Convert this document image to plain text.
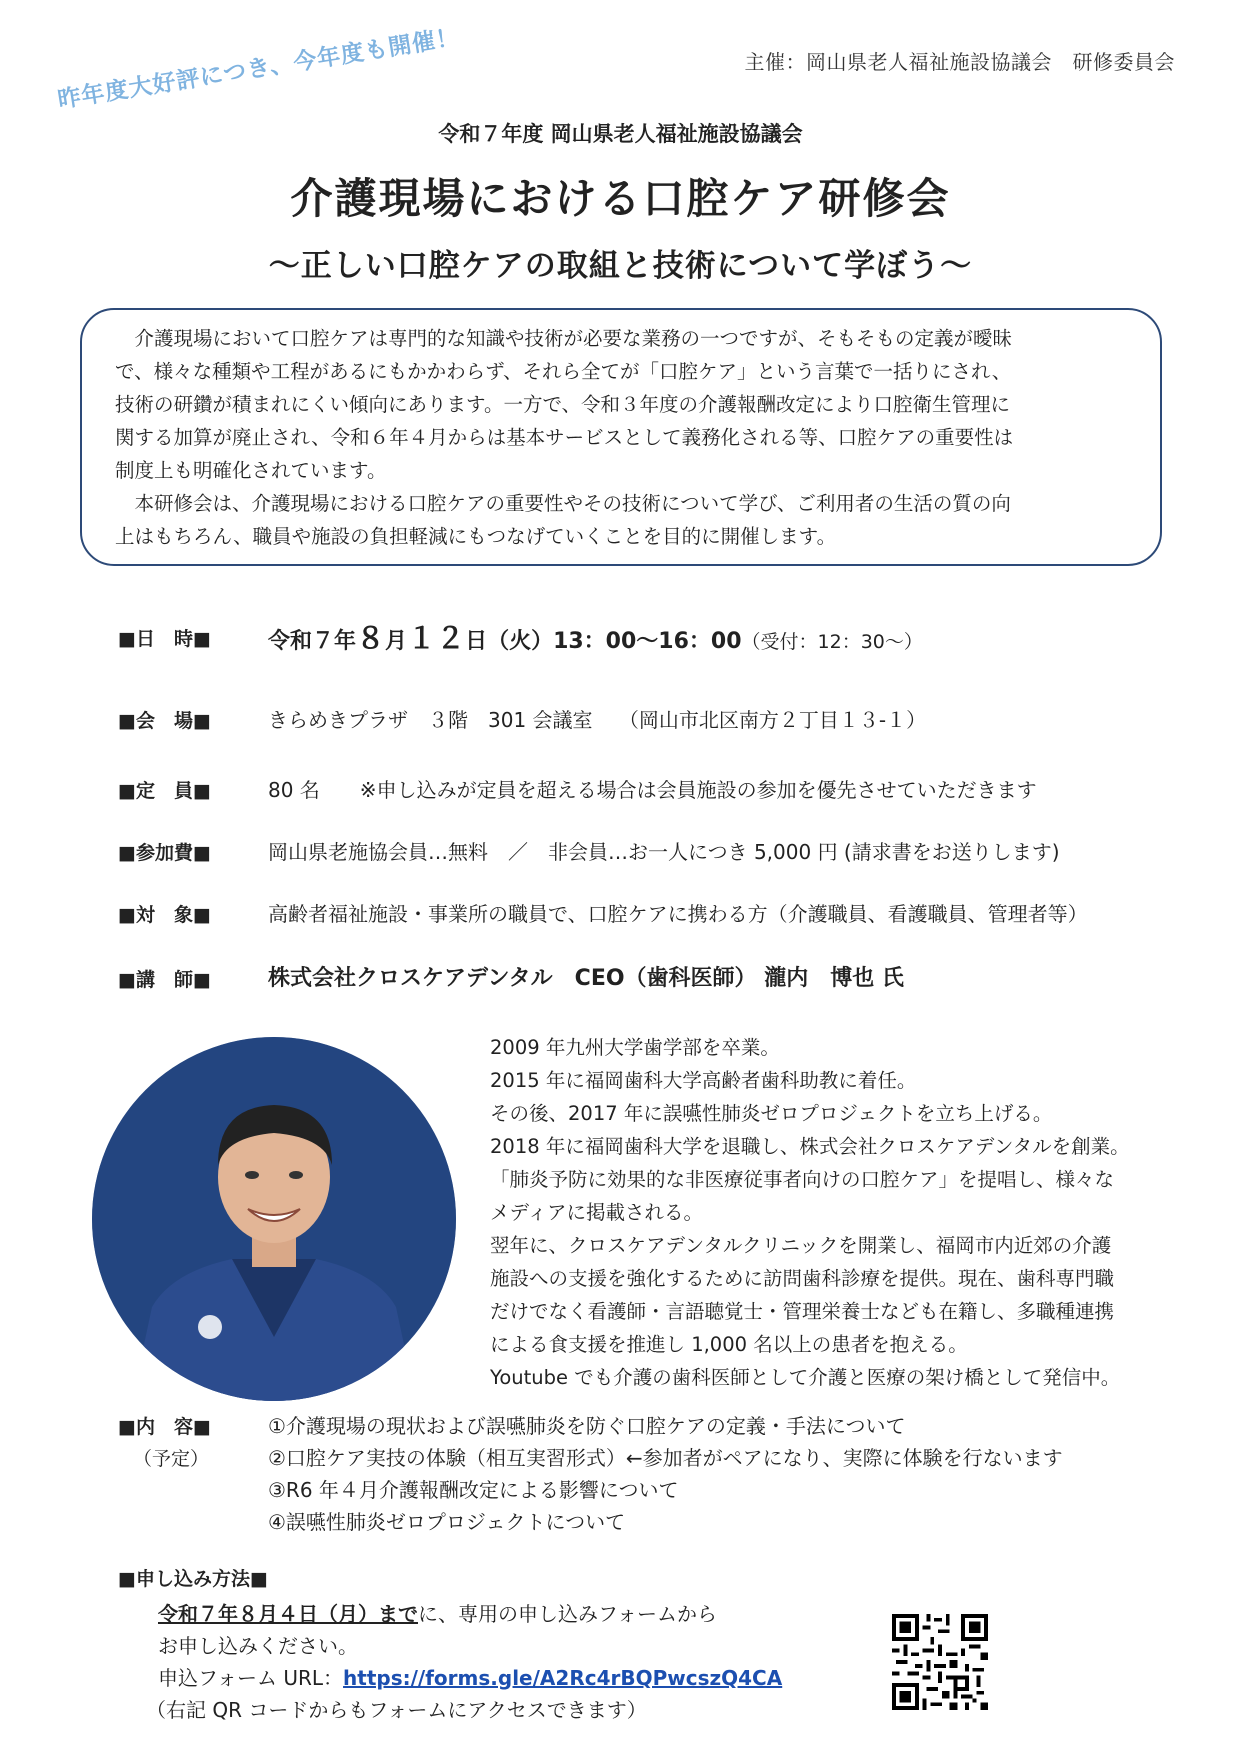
主催：岡山県老人福祉施設協議会　研修委員会
昨年度大好評につき、今年度も開催！
令和７年度 岡山県老人福祉施設協議会
介護現場における口腔ケア研修会
～正しい口腔ケアの取組と技術について学ぼう～
　介護現場において口腔ケアは専門的な知識や技術が必要な業務の一つですが、そもそもの定義が曖昧
で、様々な種類や工程があるにもかかわらず、それら全てが「口腔ケア」という言葉で一括りにされ、
技術の研鑽が積まれにくい傾向にあります。一方で、令和３年度の介護報酬改定により口腔衛生管理に
関する加算が廃止され、令和６年４月からは基本サービスとして義務化される等、口腔ケアの重要性は
制度上も明確化されています。
　本研修会は、介護現場における口腔ケアの重要性やその技術について学び、ご利用者の生活の質の向
上はもちろん、職員や施設の負担軽減にもつなげていくことを目的に開催します。
■日　時■	令和７年８月１２日（火）13：00～16：00（受付：12：30～）
■会　場■	きらめきプラザ　３階　301 会議室　 （岡山市北区南方２丁目１３-１）
■定　員■	80 名　　※申し込みが定員を超える場合は会員施設の参加を優先させていただきます
■参加費■	岡山県老施協会員…無料　／　非会員…お一人につき 5,000 円 (請求書をお送りします)
■対　象■	高齢者福祉施設・事業所の職員で、口腔ケアに携わる方（介護職員、看護職員、管理者等）
■講　師■	株式会社クロスケアデンタル　CEO（歯科医師） 瀧内　博也 氏
2009 年九州大学歯学部を卒業。
2015 年に福岡歯科大学高齢者歯科助教に着任。
その後、2017 年に誤嚥性肺炎ゼロプロジェクトを立ち上げる。
2018 年に福岡歯科大学を退職し、株式会社クロスケアデンタルを創業。
「肺炎予防に効果的な非医療従事者向けの口腔ケア」を提唱し、様々な
メディアに掲載される。
翌年に、クロスケアデンタルクリニックを開業し、福岡市内近郊の介護
施設への支援を強化するために訪問歯科診療を提供。現在、歯科専門職
だけでなく看護師・言語聴覚士・管理栄養士なども在籍し、多職種連携
による食支援を推進し 1,000 名以上の患者を抱える。
Youtube でも介護の歯科医師として介護と医療の架け橋として発信中。
■内　容■
（予定）
①介護現場の現状および誤嚥肺炎を防ぐ口腔ケアの定義・手法について
②口腔ケア実技の体験（相互実習形式）←参加者がペアになり、実際に体験を行ないます
③R6 年４月介護報酬改定による影響について
④誤嚥性肺炎ゼロプロジェクトについて
■申し込み方法■
令和７年８月４日（月）までに、専用の申し込みフォームから
お申し込みください。
申込フォーム URL：https://forms.gle/A2Rc4rBQPwcszQ4CA
（右記 QR コードからもフォームにアクセスできます）
